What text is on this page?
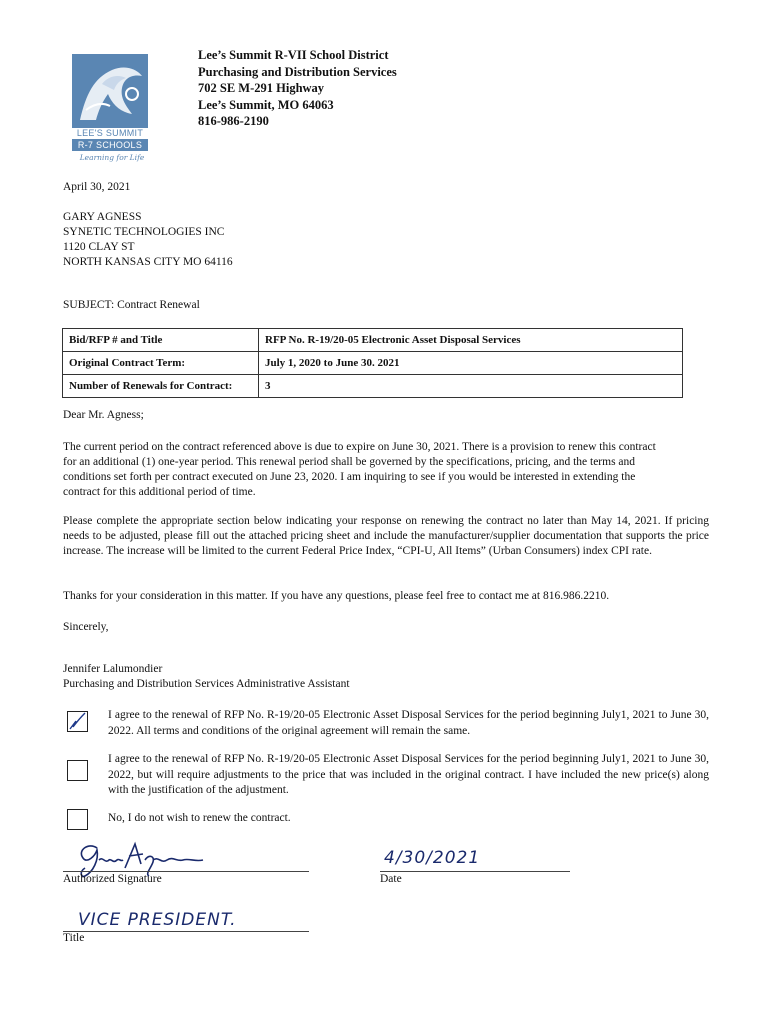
LEE'S SUMMIT
R-7 SCHOOLS
Learning for Life
Lee’s Summit R-VII School District
Purchasing and Distribution Services
702 SE M-291 Highway
Lee’s Summit, MO 64063
816-986-2190
April 30, 2021
GARY AGNESS
SYNETIC TECHNOLOGIES INC
1120 CLAY ST
NORTH KANSAS CITY MO 64116
SUBJECT: Contract Renewal
Bid/RFP # and Title	RFP No. R-19/20-05 Electronic Asset Disposal Services
Original Contract Term:	July 1, 2020 to June 30. 2021
Number of Renewals for Contract:	3
Dear Mr. Agness;
The current period on the contract referenced above is due to expire on June 30, 2021. There is a provision to renew this contract for an additional (1) one-year period. This renewal period shall be governed by the specifications, pricing, and the terms and conditions set forth per contract executed on June 23, 2020. I am inquiring to see if you would be interested in extending the contract for this additional period of time.
Please complete the appropriate section below indicating your response on renewing the contract no later than May 14, 2021. If pricing needs to be adjusted, please fill out the attached pricing sheet and include the manufacturer/supplier documentation that supports the price increase. The increase will be limited to the current Federal Price Index, “CPI-U, All Items” (Urban Consumers) index CPI rate.
Thanks for your consideration in this matter. If you have any questions, please feel free to contact me at 816.986.2210.
Sincerely,
Jennifer Lalumondier
Purchasing and Distribution Services Administrative Assistant
I agree to the renewal of RFP No. R-19/20-05 Electronic Asset Disposal Services for the period beginning July1, 2021 to June 30, 2022. All terms and conditions of the original agreement will remain the same.
I agree to the renewal of RFP No. R-19/20-05 Electronic Asset Disposal Services for the period beginning July1, 2021 to June 30, 2022, but will require adjustments to the price that was included in the original contract. I have included the new price(s) along with the justification of the adjustment.
No, I do not wish to renew the contract.
Authorized Signature
4/30/2021
Date
VICE PRESIDENT.
Title
